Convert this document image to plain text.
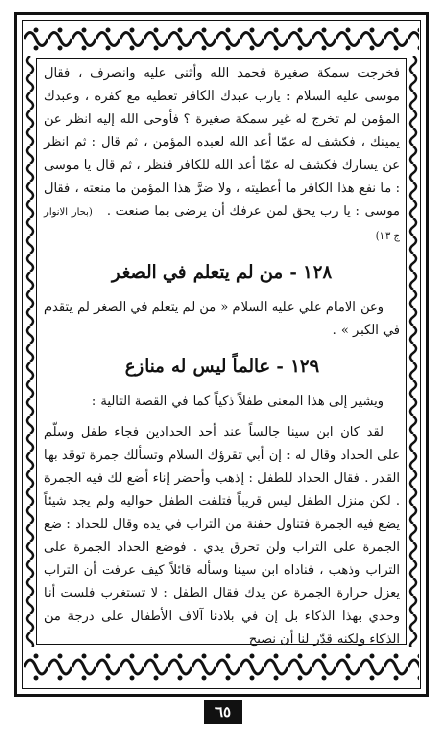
فخرجت سمكة صغيرة فحمد الله وأثنى عليه وانصرف ، فقال موسى عليه السلام : يارب عبدك الكافر تعطيه مع كفره ، وعبدك المؤمن لم تخرج له غير سمكة صغيرة ؟ فأوحى الله إليه انظر عن يمينك ، فكشف له عمّا أعد الله لعبده المؤمن ، ثم قال : ثم انظر عن يسارك فكشف له عمّا أعد الله للكافر فنظر ، ثم قال يا موسى : ما نفع هذا الكافر ما أعطيته ، ولا ضرَّ هذا المؤمن ما منعته ، فقال موسى : يا رب يحق لمن عرفك أن يرضى بما صنعت .(بحار الانوار ج ١٣)

١٢٨ - من لم يتعلم في الصغر

وعن الامام علي عليه السلام « من لم يتعلم في الصغر لم يتقدم في الكبر » .

١٢٩ - عالماً ليس له منازع

ويشير إلى هذا المعنى طفلاً ذكياً كما في القصة التالية :

لقد كان ابن سينا جالساً عند أحد الحدادين فجاء طفل وسلّم على الحداد وقال له : إن أبي تقرؤك السلام وتسألك جمرة توقد بها القدر . فقال الحداد للطفل : إذهب وأحضر إناء أضع لك فيه الجمرة . لكن منزل الطفل ليس قريباً فتلفت الطفل حواليه ولم يجد شيئاً يضع فيه الجمرة فتناول حفنة من التراب في يده وقال للحداد : ضع الجمرة على التراب ولن تحرق يدي . فوضع الحداد الجمرة على التراب وذهب ، فناداه ابن سينا وسأله قائلاً كيف عرفت أن التراب يعزل حرارة الجمرة عن يدك فقال الطفل : لا تستغرب فلست أنا وحدي بهذا الذكاء بل إن في بلادنا آلاف الأطفال على درجة من الذكاء ولكنه قدّر لنا أن نصبح

٦٥
